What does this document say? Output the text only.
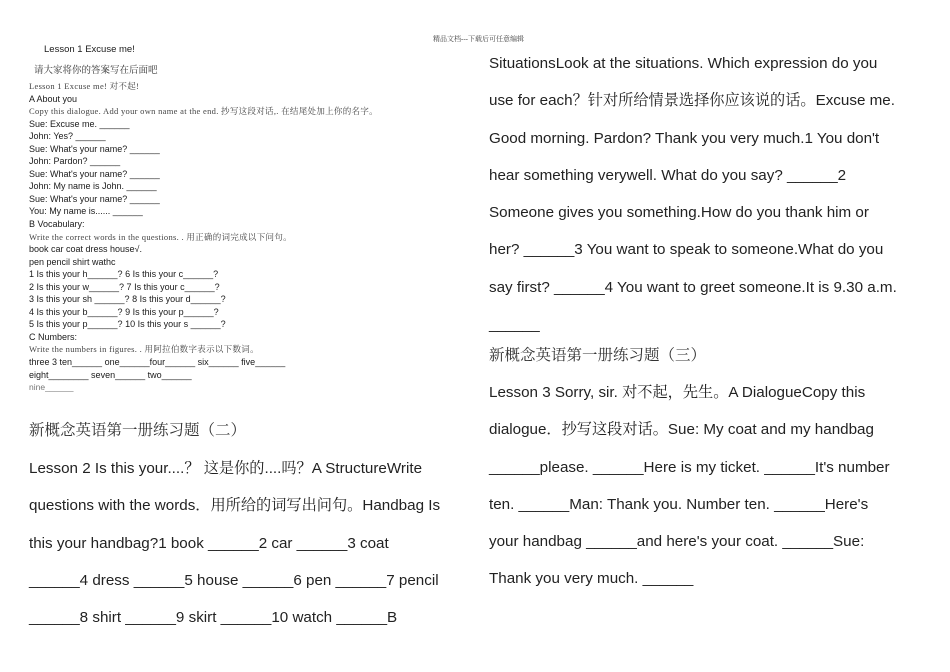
精品文档---下载后可任意编辑
Lesson 1 Excuse me!
请大家将你的答案写在后面吧
Lesson 1 Excuse me! 对不起!
A About you
Copy this dialogue. Add your own name at the end. 抄写这段对话,. 在结尾处加上你的名字。
Sue: Excuse me. ______
John: Yes? ______
Sue: What's your name? ______
John: Pardon? ______
Sue: What's your name? ______
John: My name is John. ______
Sue: What's your name? ______
You: My name is...... ______
B Vocabulary:
Write the correct words in the questions. . 用正确的词完成以下问句。
book car coat dress house√.
pen pencil shirt wathc
1 Is this your h______? 6 Is this your c______?
2 Is this your w______? 7 Is this your c______?
3 Is this your sh ______? 8 Is this your d______?
4 Is this your b______? 9 Is this your p______?
5 Is this your p______? 10 Is this your s ______?
C Numbers:
Write the numbers in figures. . 用阿拉伯数字表示以下数词。
three 3 ten______ one______four______ six______ five______
eight________ seven______ two______
nine______
新概念英语第一册练习题（二）
Lesson 2 Is this your....？ 这是你的....吗？A StructureWrite
questions with the words．用所给的词写出问句。Handbag Is
this your handbag?1 book ______2 car ______3 coat
______4 dress ______5 house ______6 pen ______7 pencil
______8 shirt ______9 skirt ______10 watch ______B
SituationsLook at the situations. Which expression do you
use for each？针对所给情景选择你应该说的话。Excuse me.
Good morning. Pardon? Thank you very much.1 You don't
hear something verywell. What do you say? ______2
Someone gives you something.How do you thank him or
her? ______3 You want to speak to someone.What do you
say first? ______4 You want to greet someone.It is 9.30 a.m.
______
新概念英语第一册练习题（三）
Lesson 3 Sorry, sir. 对不起，先生。A DialogueCopy this
dialogue．抄写这段对话。Sue: My coat and my handbag
______please. ______Here is my ticket. ______It's number
ten. ______Man: Thank you. Number ten. ______Here's
your handbag ______and here's your coat. ______Sue:
Thank you very much. ______
